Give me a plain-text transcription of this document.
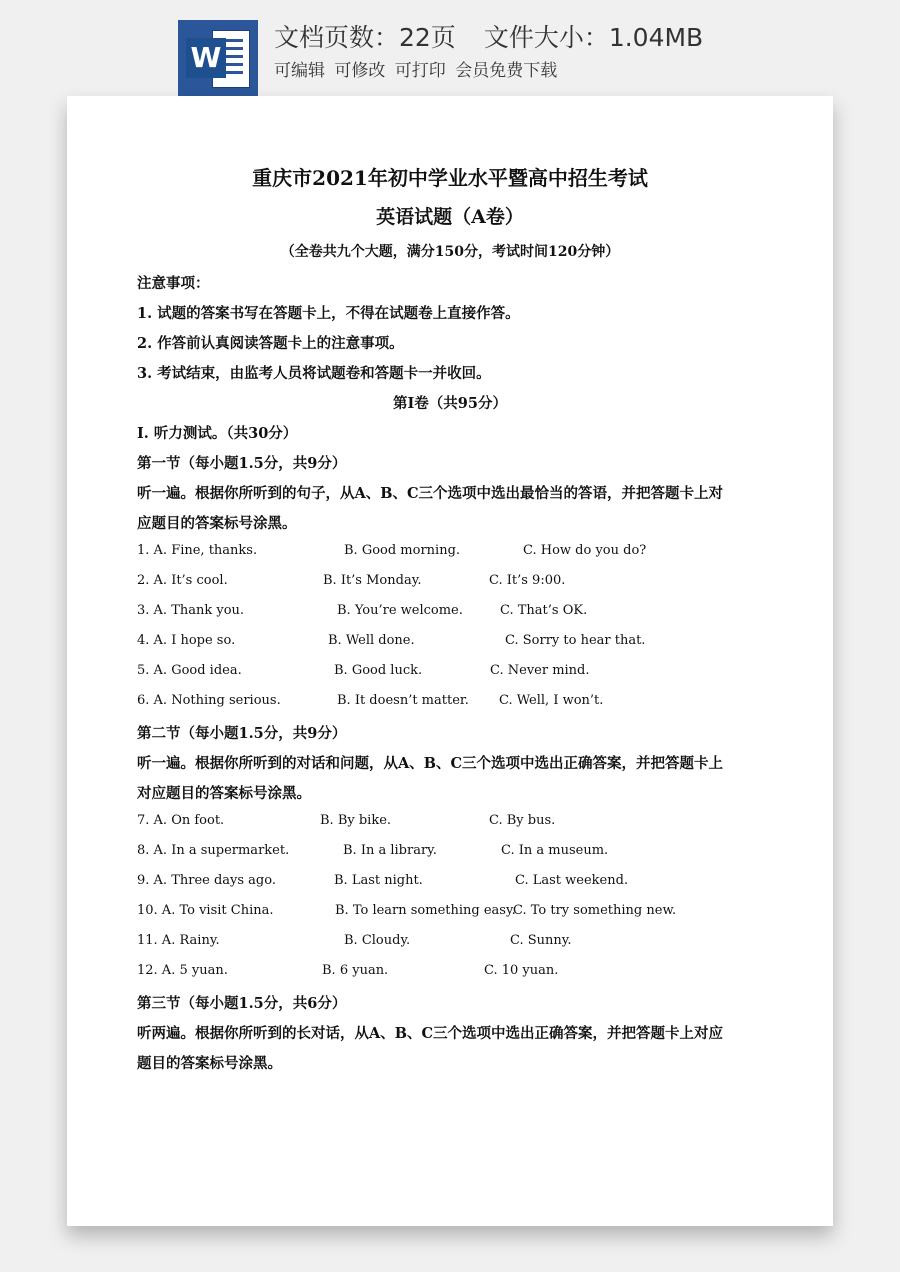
W
文档页数：22页 文件大小：1.04MB
可编辑 可修改 可打印 会员免费下载
重庆市2021年初中学业水平暨高中招生考试
英语试题（A卷）
（全卷共九个大题，满分150分，考试时间120分钟）
注意事项：
1. 试题的答案书写在答题卡上，不得在试题卷上直接作答。
2. 作答前认真阅读答题卡上的注意事项。
3. 考试结束，由监考人员将试题卷和答题卡一并收回。
第I卷（共95分）
I. 听力测试。（共30分）
第一节（每小题1.5分，共9分）
听一遍。根据你所听到的句子，从A、B、C三个选项中选出最恰当的答语，并把答题卡上对
应题目的答案标号涂黑。
1. A. Fine, thanks.	B. Good morning.	C. How do you do?
2. A. It’s cool.	B. It’s Monday.	C. It’s 9:00.
3. A. Thank you.	B. You’re welcome.	C. That’s OK.
4. A. I hope so.	B. Well done.	C. Sorry to hear that.
5. A. Good idea.	B. Good luck.	C. Never mind.
6. A. Nothing serious.	B. It doesn’t matter. C. Well, I won’t.
第二节（每小题1.5分，共9分）
听一遍。根据你所听到的对话和问题，从A、B、C三个选项中选出正确答案，并把答题卡上
对应题目的答案标号涂黑。
7. A. On foot.	B. By bike.	C. By bus.
8. A. In a supermarket.	B. In a library.	C. In a museum.
9. A. Three days ago.	B. Last night.	C. Last weekend.
10. A. To visit China.	B. To learn something easy.
C. To try something new.
11. A. Rainy.	B. Cloudy.	C. Sunny.
12. A. 5 yuan.	B. 6 yuan.	C. 10 yuan.
第三节（每小题1.5分，共6分）
听两遍。根据你所听到的长对话，从A、B、C三个选项中选出正确答案，并把答题卡上对应
题目的答案标号涂黑。
